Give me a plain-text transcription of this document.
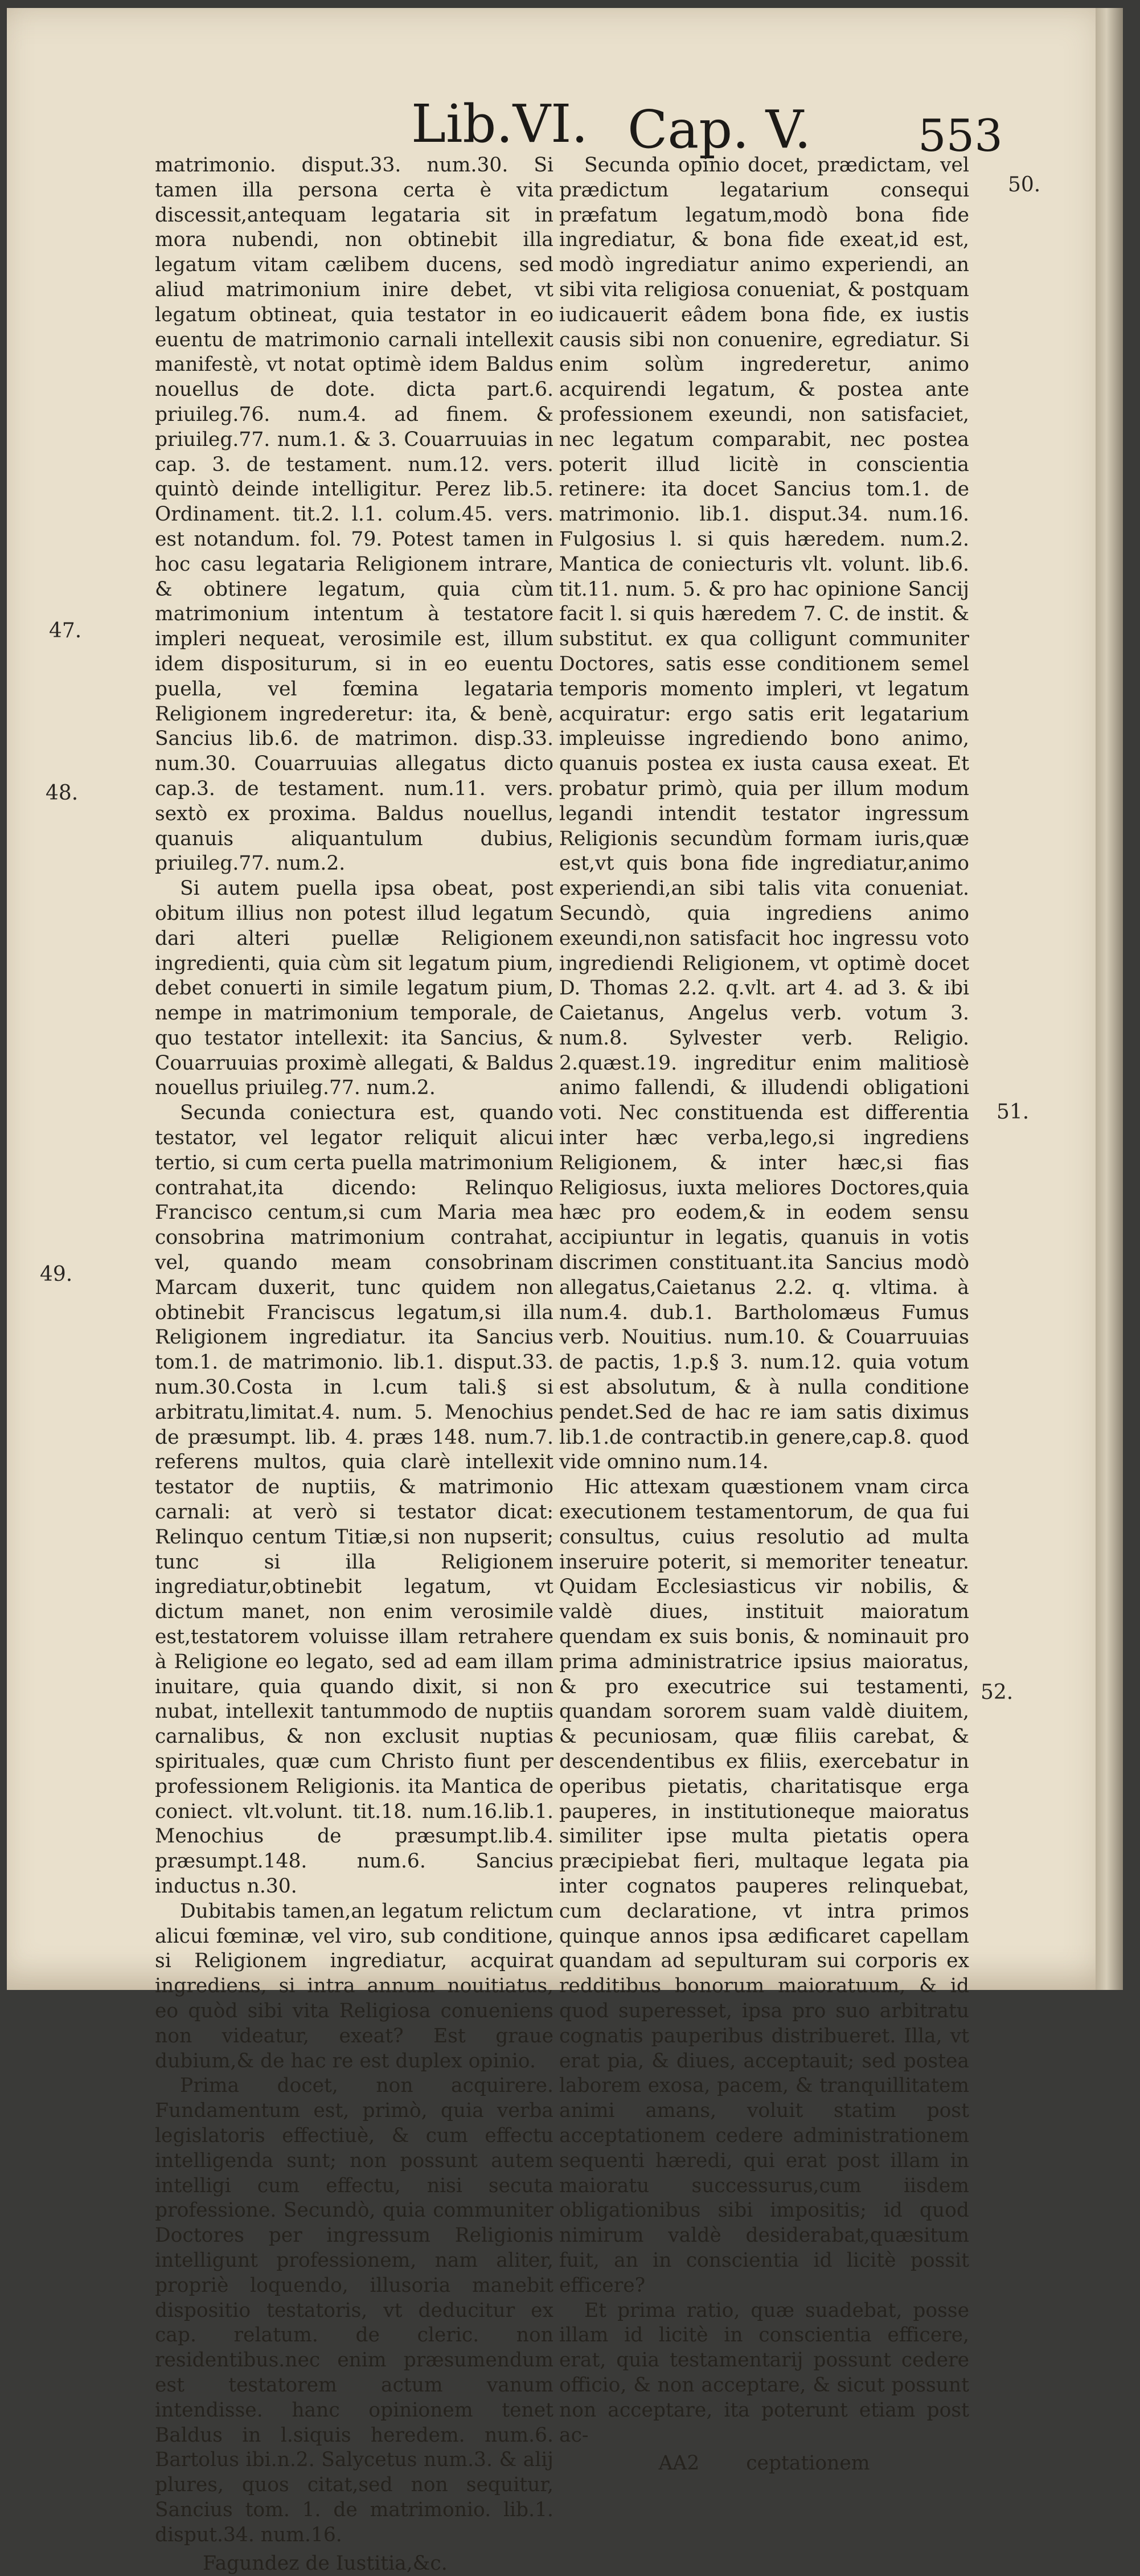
Lib.VI. Cap. V. 553
47.
48.
49.
50.
51.
52.

matrimonio. disput.33. num.30. Si tamen illa persona certa è vita discessit,antequam legataria sit in mora nubendi, non obtinebit illa legatum vitam cælibem ducens, sed aliud matrimonium inire debet, vt legatum obtineat, quia testator in eo euentu de matrimonio carnali intellexit manifestè, vt notat optimè idem Baldus nouellus de dote. dicta part.6. priuileg.76. num.4. ad finem. & priuileg.77. num.1. & 3. Couarruuias in cap. 3. de testament. num.12. vers. quintò deinde intelligitur. Perez lib.5. Ordinament. tit.2. l.1. colum.45. vers. est notandum. fol. 79. Potest tamen in hoc casu legataria Religionem intrare, & obtinere legatum, quia cùm matrimonium intentum à testatore impleri nequeat, verosimile est, illum idem dispositurum, si in eo euentu puella, vel fœmina legataria Religionem ingrederetur: ita, & benè, Sancius lib.6. de matrimon. disp.33. num.30. Couarruuias allegatus dicto cap.3. de testament. num.11. vers. sextò ex proxima. Baldus nouellus, quanuis aliquantulum dubius, priuileg.77. num.2.

Si autem puella ipsa obeat, post obitum illius non potest illud legatum dari alteri puellæ Religionem ingredienti, quia cùm sit legatum pium, debet conuerti in simile legatum pium, nempe in matrimonium temporale, de quo testator intellexit: ita Sancius, & Couarruuias proximè allegati, & Baldus nouellus priuileg.77. num.2.

Secunda coniectura est, quando testator, vel legator reliquit alicui tertio, si cum certa puella matrimonium contrahat,ita dicendo: Relinquo Francisco centum,si cum Maria mea consobrina matrimonium contrahat, vel, quando meam consobrinam Marcam duxerit, tunc quidem non obtinebit Franciscus legatum,si illa Religionem ingrediatur. ita Sancius tom.1. de matrimonio. lib.1. disput.33. num.30.Costa in l.cum tali.§ si arbitratu,limitat.4. num. 5. Menochius de præsumpt. lib. 4. præs 148. num.7. referens multos, quia clarè intellexit testator de nuptiis, & matrimonio carnali: at verò si testator dicat: Relinquo centum Titiæ,si non nupserit; tunc si illa Religionem ingrediatur,obtinebit legatum, vt dictum manet, non enim verosimile est,testatorem voluisse illam retrahere à Religione eo legato, sed ad eam illam inuitare, quia quando dixit, si non nubat, intellexit tantummodo de nuptiis carnalibus, & non exclusit nuptias spirituales, quæ cum Christo fiunt per professionem Religionis. ita Mantica de coniect. vlt.volunt. tit.18. num.16.lib.1. Menochius de præsumpt.lib.4. præsumpt.148. num.6. Sancius inductus n.30.

Dubitabis tamen,an legatum relictum alicui fœminæ, vel viro, sub conditione, si Religionem ingrediatur, acquirat ingrediens, si intra annum nouitiatus, eo quòd sibi vita Religiosa conueniens non videatur, exeat? Est graue dubium,& de hac re est duplex opinio.

Prima docet, non acquirere. Fundamentum est, primò, quia verba legislatoris effectiuè, & cum effectu intelligenda sunt; non possunt autem intelligi cum effectu, nisi secuta professione. Secundò, quia communiter Doctores per ingressum Religionis intelligunt professionem, nam aliter, propriè loquendo, illusoria manebit dispositio testatoris, vt deducitur ex cap. relatum. de cleric. non residentibus.nec enim præsumendum est testatorem actum vanum intendisse. hanc opinionem tenet Baldus in l.siquis heredem. num.6. Bartolus ibi.n.2. Salycetus num.3. & alij plures, quos citat,sed non sequitur, Sancius tom. 1. de matrimonio. lib.1. disput.34. num.16.

Fagundez de Iustitia,&c.

Secunda opinio docet, prædictam, vel prædictum legatarium consequi præfatum legatum,modò bona fide ingrediatur, & bona fide exeat,id est, modò ingrediatur animo experiendi, an sibi vita religiosa conueniat, & postquam iudicauerit eâdem bona fide, ex iustis causis sibi non conuenire, egrediatur. Si enim solùm ingrederetur, animo acquirendi legatum, & postea ante professionem exeundi, non satisfaciet, nec legatum comparabit, nec postea poterit illud licitè in conscientia retinere: ita docet Sancius tom.1. de matrimonio. lib.1. disput.34. num.16. Fulgosius l. si quis hæredem. num.2. Mantica de coniecturis vlt. volunt. lib.6. tit.11. num. 5. & pro hac opinione Sancij facit l. si quis hæredem 7. C. de instit. & substitut. ex qua colligunt communiter Doctores, satis esse conditionem semel temporis momento impleri, vt legatum acquiratur: ergo satis erit legatarium impleuisse ingrediendo bono animo, quanuis postea ex iusta causa exeat. Et probatur primò, quia per illum modum legandi intendit testator ingressum Religionis secundùm formam iuris,quæ est,vt quis bona fide ingrediatur,animo experiendi,an sibi talis vita conueniat. Secundò, quia ingrediens animo exeundi,non satisfacit hoc ingressu voto ingrediendi Religionem, vt optimè docet D. Thomas 2.2. q.vlt. art 4. ad 3. & ibi Caietanus, Angelus verb. votum 3. num.8. Sylvester verb. Religio. 2.quæst.19. ingreditur enim malitiosè animo fallendi, & illudendi obligationi voti. Nec constituenda est differentia inter hæc verba,lego,si ingrediens Religionem, & inter hæc,si fias Religiosus, iuxta meliores Doctores,quia hæc pro eodem,& in eodem sensu accipiuntur in legatis, quanuis in votis discrimen constituant.ita Sancius modò allegatus,Caietanus 2.2. q. vltima. à num.4. dub.1. Bartholomæus Fumus verb. Nouitius. num.10. & Couarruuias de pactis, 1.p.§ 3. num.12. quia votum est absolutum, & à nulla conditione pendet.Sed de hac re iam satis diximus lib.1.de contractib.in genere,cap.8. quod vide omnino num.14.

Hic attexam quæstionem vnam circa executionem testamentorum, de qua fui consultus, cuius resolutio ad multa inseruire poterit, si memoriter teneatur. Quidam Ecclesiasticus vir nobilis, & valdè diues, instituit maioratum quendam ex suis bonis, & nominauit pro prima administratrice ipsius maioratus, & pro executrice sui testamenti, quandam sororem suam valdè diuitem, & pecuniosam, quæ filiis carebat, & descendentibus ex filiis, exercebatur in operibus pietatis, charitatisque erga pauperes, in institutioneque maioratus similiter ipse multa pietatis opera præcipiebat fieri, multaque legata pia inter cognatos pauperes relinquebat, cum declaratione, vt intra primos quinque annos ipsa ædificaret capellam quandam ad sepulturam sui corporis ex redditibus bonorum maioratuum, & id quod superesset, ipsa pro suo arbitratu cognatis pauperibus distribueret. Illa, vt erat pia, & diues, acceptauit; sed postea laborem exosa, pacem, & tranquillitatem animi amans, voluit statim post acceptationem cedere administrationem sequenti hæredi, qui erat post illam in maioratu successurus,cum iisdem obligationibus sibi impositis; id quod nimirum valdè desiderabat,quæsitum fuit, an in conscientia id licitè possit efficere?

Et prima ratio, quæ suadebat, posse illam id licitè in conscientia efficere, erat, quia testamentarij possunt cedere officio, & non acceptare, & sicut possunt non acceptare, ita poterunt etiam post ac-

AA2 ceptationem
